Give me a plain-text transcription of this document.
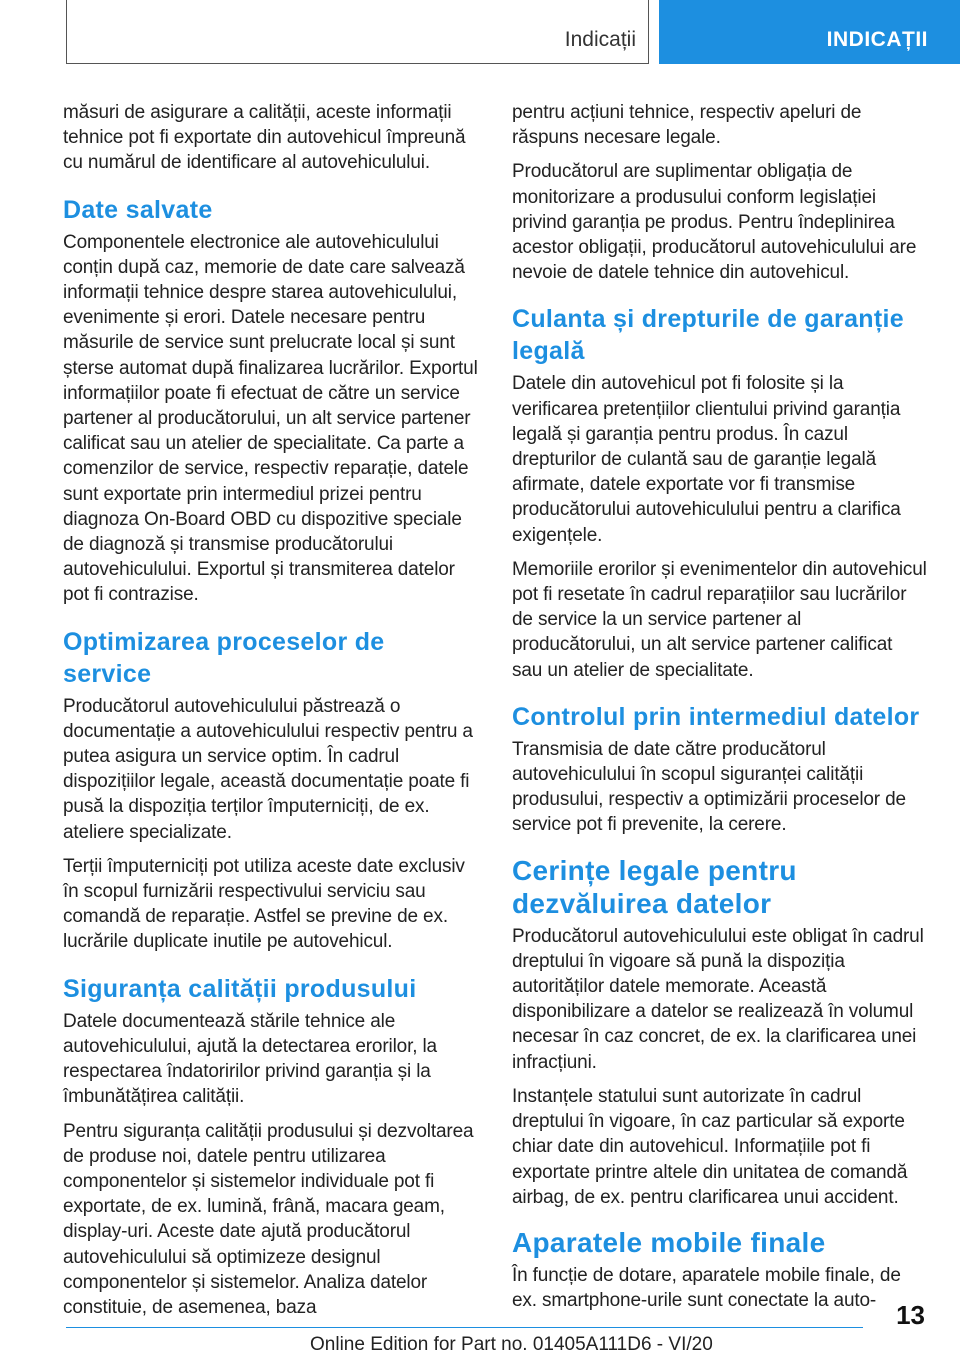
Indicații	INDICAȚII

măsuri de asigurare a calității, aceste informații tehnice pot fi exportate din autovehicul împreună cu numărul de identificare al autovehiculului.

Date salvate

Componentele electronice ale autovehiculului conțin după caz, memorie de date care salvează informații tehnice despre starea autovehiculului, evenimente și erori. Datele necesare pentru măsurile de service sunt prelucrate local și sunt șterse automat după finalizarea lucrărilor. Exportul informațiilor poate fi efectuat de către un service partener al producătorului, un alt service partener calificat sau un atelier de specialitate. Ca parte a comenzilor de service, respectiv reparație, datele sunt exportate prin intermediul prizei pentru diagnoza On-Board OBD cu dispozitive speciale de diagnoză și transmise producătorului autovehiculului. Exportul și transmiterea datelor pot fi contrazise.

Optimizarea proceselor de service

Producătorul autovehiculului păstrează o documentație a autovehiculului respectiv pentru a putea asigura un service optim. În cadrul dispozițiilor legale, această documentație poate fi pusă la dispoziția terților împuterniciți, de ex. ateliere specializate.

Terții împuterniciți pot utiliza aceste date exclusiv în scopul furnizării respectivului serviciu sau comandă de reparație. Astfel se previne de ex. lucrările duplicate inutile pe autovehicul.

Siguranța calității produsului

Datele documentează stările tehnice ale autovehiculului, ajută la detectarea erorilor, la respectarea îndatoririlor privind garanția și la îmbunătățirea calității.

Pentru siguranța calității produsului și dezvoltarea de produse noi, datele pentru utilizarea componentelor și sistemelor individuale pot fi exportate, de ex. lumină, frână, macara geam, display-uri. Aceste date ajută producătorul autovehiculului să optimizeze designul componentelor și sistemelor. Analiza datelor constituie, de asemenea, baza

pentru acțiuni tehnice, respectiv apeluri de răspuns necesare legale.

Producătorul are suplimentar obligația de monitorizare a produsului conform legislației privind garanția pe produs. Pentru îndeplinirea acestor obligații, producătorul autovehiculului are nevoie de datele tehnice din autovehicul.

Culanta și drepturile de garanție legală

Datele din autovehicul pot fi folosite și la verificarea pretențiilor clientului privind garanția legală și garanția pentru produs. În cazul drepturilor de culantă sau de garanție legală afirmate, datele exportate vor fi transmise producătorului autovehiculului pentru a clarifica exigențele.

Memoriile erorilor și evenimentelor din autovehicul pot fi resetate în cadrul reparațiilor sau lucrărilor de service la un service partener al producătorului, un alt service partener calificat sau un atelier de specialitate.

Controlul prin intermediul datelor

Transmisia de date către producătorul autovehiculului în scopul siguranței calității produsului, respectiv a optimizării proceselor de service pot fi prevenite, la cerere.

Cerințe legale pentru dezvăluirea datelor

Producătorul autovehiculului este obligat în cadrul dreptului în vigoare să pună la dispoziția autorităților datele memorate. Această disponibilizare a datelor se realizează în volumul necesar în caz concret, de ex. la clarificarea unei infracțiuni.

Instanțele statului sunt autorizate în cadrul dreptului în vigoare, în caz particular să exporte chiar date din autovehicul. Informațiile pot fi exportate printre altele din unitatea de comandă airbag, de ex. pentru clarificarea unui accident.

Aparatele mobile finale

În funcție de dotare, aparatele mobile finale, de ex. smartphone-urile sunt conectate la auto- 13
Online Edition for Part no. 01405A111D6 - VI/20
